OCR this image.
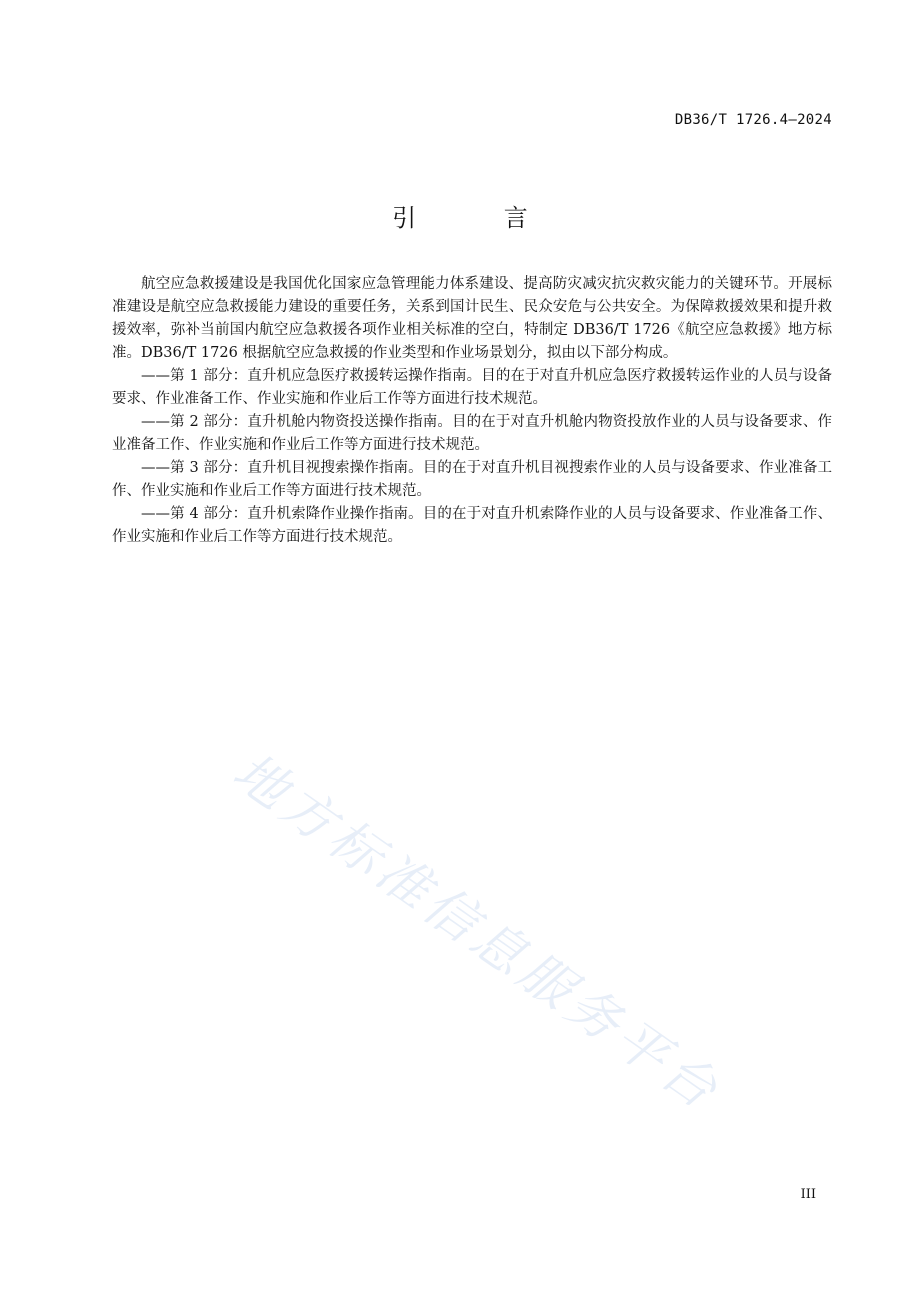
DB36/T 1726.4—2024
引 言

航空应急救援建设是我国优化国家应急管理能力体系建设、提高防灾减灾抗灾救灾能力的关键环节。开展标准建设是航空应急救援能力建设的重要任务，关系到国计民生、民众安危与公共安全。为保障救援效果和提升救援效率，弥补当前国内航空应急救援各项作业相关标准的空白，特制定 DB36/T 1726《航空应急救援》地方标准。DB36/T 1726 根据航空应急救援的作业类型和作业场景划分，拟由以下部分构成。

——第 1 部分：直升机应急医疗救援转运操作指南。目的在于对直升机应急医疗救援转运作业的人员与设备要求、作业准备工作、作业实施和作业后工作等方面进行技术规范。

——第 2 部分：直升机舱内物资投送操作指南。目的在于对直升机舱内物资投放作业的人员与设备要求、作业准备工作、作业实施和作业后工作等方面进行技术规范。

——第 3 部分：直升机目视搜索操作指南。目的在于对直升机目视搜索作业的人员与设备要求、作业准备工作、作业实施和作业后工作等方面进行技术规范。

——第 4 部分：直升机索降作业操作指南。目的在于对直升机索降作业的人员与设备要求、作业准备工作、作业实施和作业后工作等方面进行技术规范。

地方标准信息服务平台
III
